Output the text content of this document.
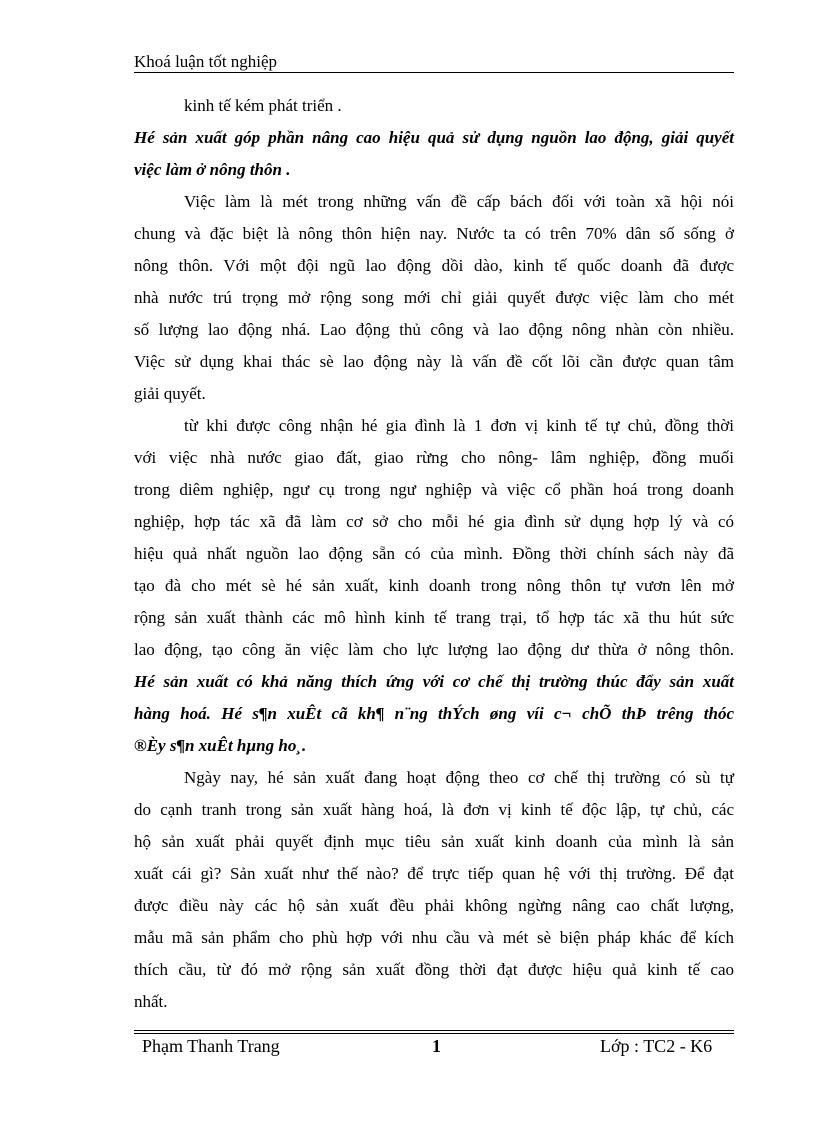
Khoá luận tốt nghiệp
kinh tế kém phát triển .
Hé sản xuất góp phần nâng cao hiệu quả sử dụng nguồn lao động, giải quyết
việc làm ở nông thôn .
Việc làm là mét trong những vấn đề cấp bách đối với toàn xã hội nói
chung và đặc biệt là nông thôn hiện nay. Nước ta có trên 70% dân số sống ở
nông thôn. Với một đội ngũ lao động dồi dào, kinh tế quốc doanh đã được
nhà nước trú trọng mở rộng song mới chỉ giải quyết được việc làm cho mét
số lượng lao động nhá. Lao động thủ công và lao động nông nhàn còn nhiều.
Việc sử dụng khai thác sè lao động này là vấn đề cốt lõi cần được quan tâm
giải quyết.
từ khi được công nhận hé gia đình là 1 đơn vị kinh tế tự chủ, đồng thời
với việc nhà nước giao đất, giao rừng cho nông- lâm nghiệp, đồng muối
trong diêm nghiệp, ngư cụ trong ngư nghiệp và việc cổ phần hoá trong doanh
nghiệp, hợp tác xã đã làm cơ sở cho mỗi hé gia đình sử dụng hợp lý và có
hiệu quả nhất nguồn lao động sẵn có của mình. Đồng thời chính sách này đã
tạo đà cho mét sè hé sản xuất, kinh doanh trong nông thôn tự vươn lên mở
rộng sản xuất thành các mô hình kinh tế trang trại, tổ hợp tác xã thu hút sức
lao động, tạo công ăn việc làm cho lực lượng lao động dư thừa ở nông thôn.
Hé sản xuất có khả năng thích ứng với cơ chế thị trường thúc đẩy sản xuất
hàng hoá. Hé s¶n xuÊt cã kh¶ n¨ng thÝch øng víi c¬ chÕ thÞ trêng thóc
®Èy s¶n xuÊt hµng ho¸.
Ngày nay, hé sản xuất đang hoạt động theo cơ chế thị trường có sù tự
do cạnh tranh trong sản xuất hàng hoá, là đơn vị kinh tế độc lập, tự chủ, các
hộ sản xuất phải quyết định mục tiêu sản xuất kinh doanh của mình là sản
xuất cái gì? Sản xuất như thế nào? để trực tiếp quan hệ với thị trường. Để đạt
được điều này các hộ sản xuất đều phải không ngừng nâng cao chất lượng,
mẫu mã sản phẩm cho phù hợp với nhu cầu và mét sè biện pháp khác để kích
thích cầu, từ đó mở rộng sản xuất đồng thời đạt được hiệu quả kinh tế cao
nhất.
Phạm Thanh Trang	1	Lớp : TC2 - K6
